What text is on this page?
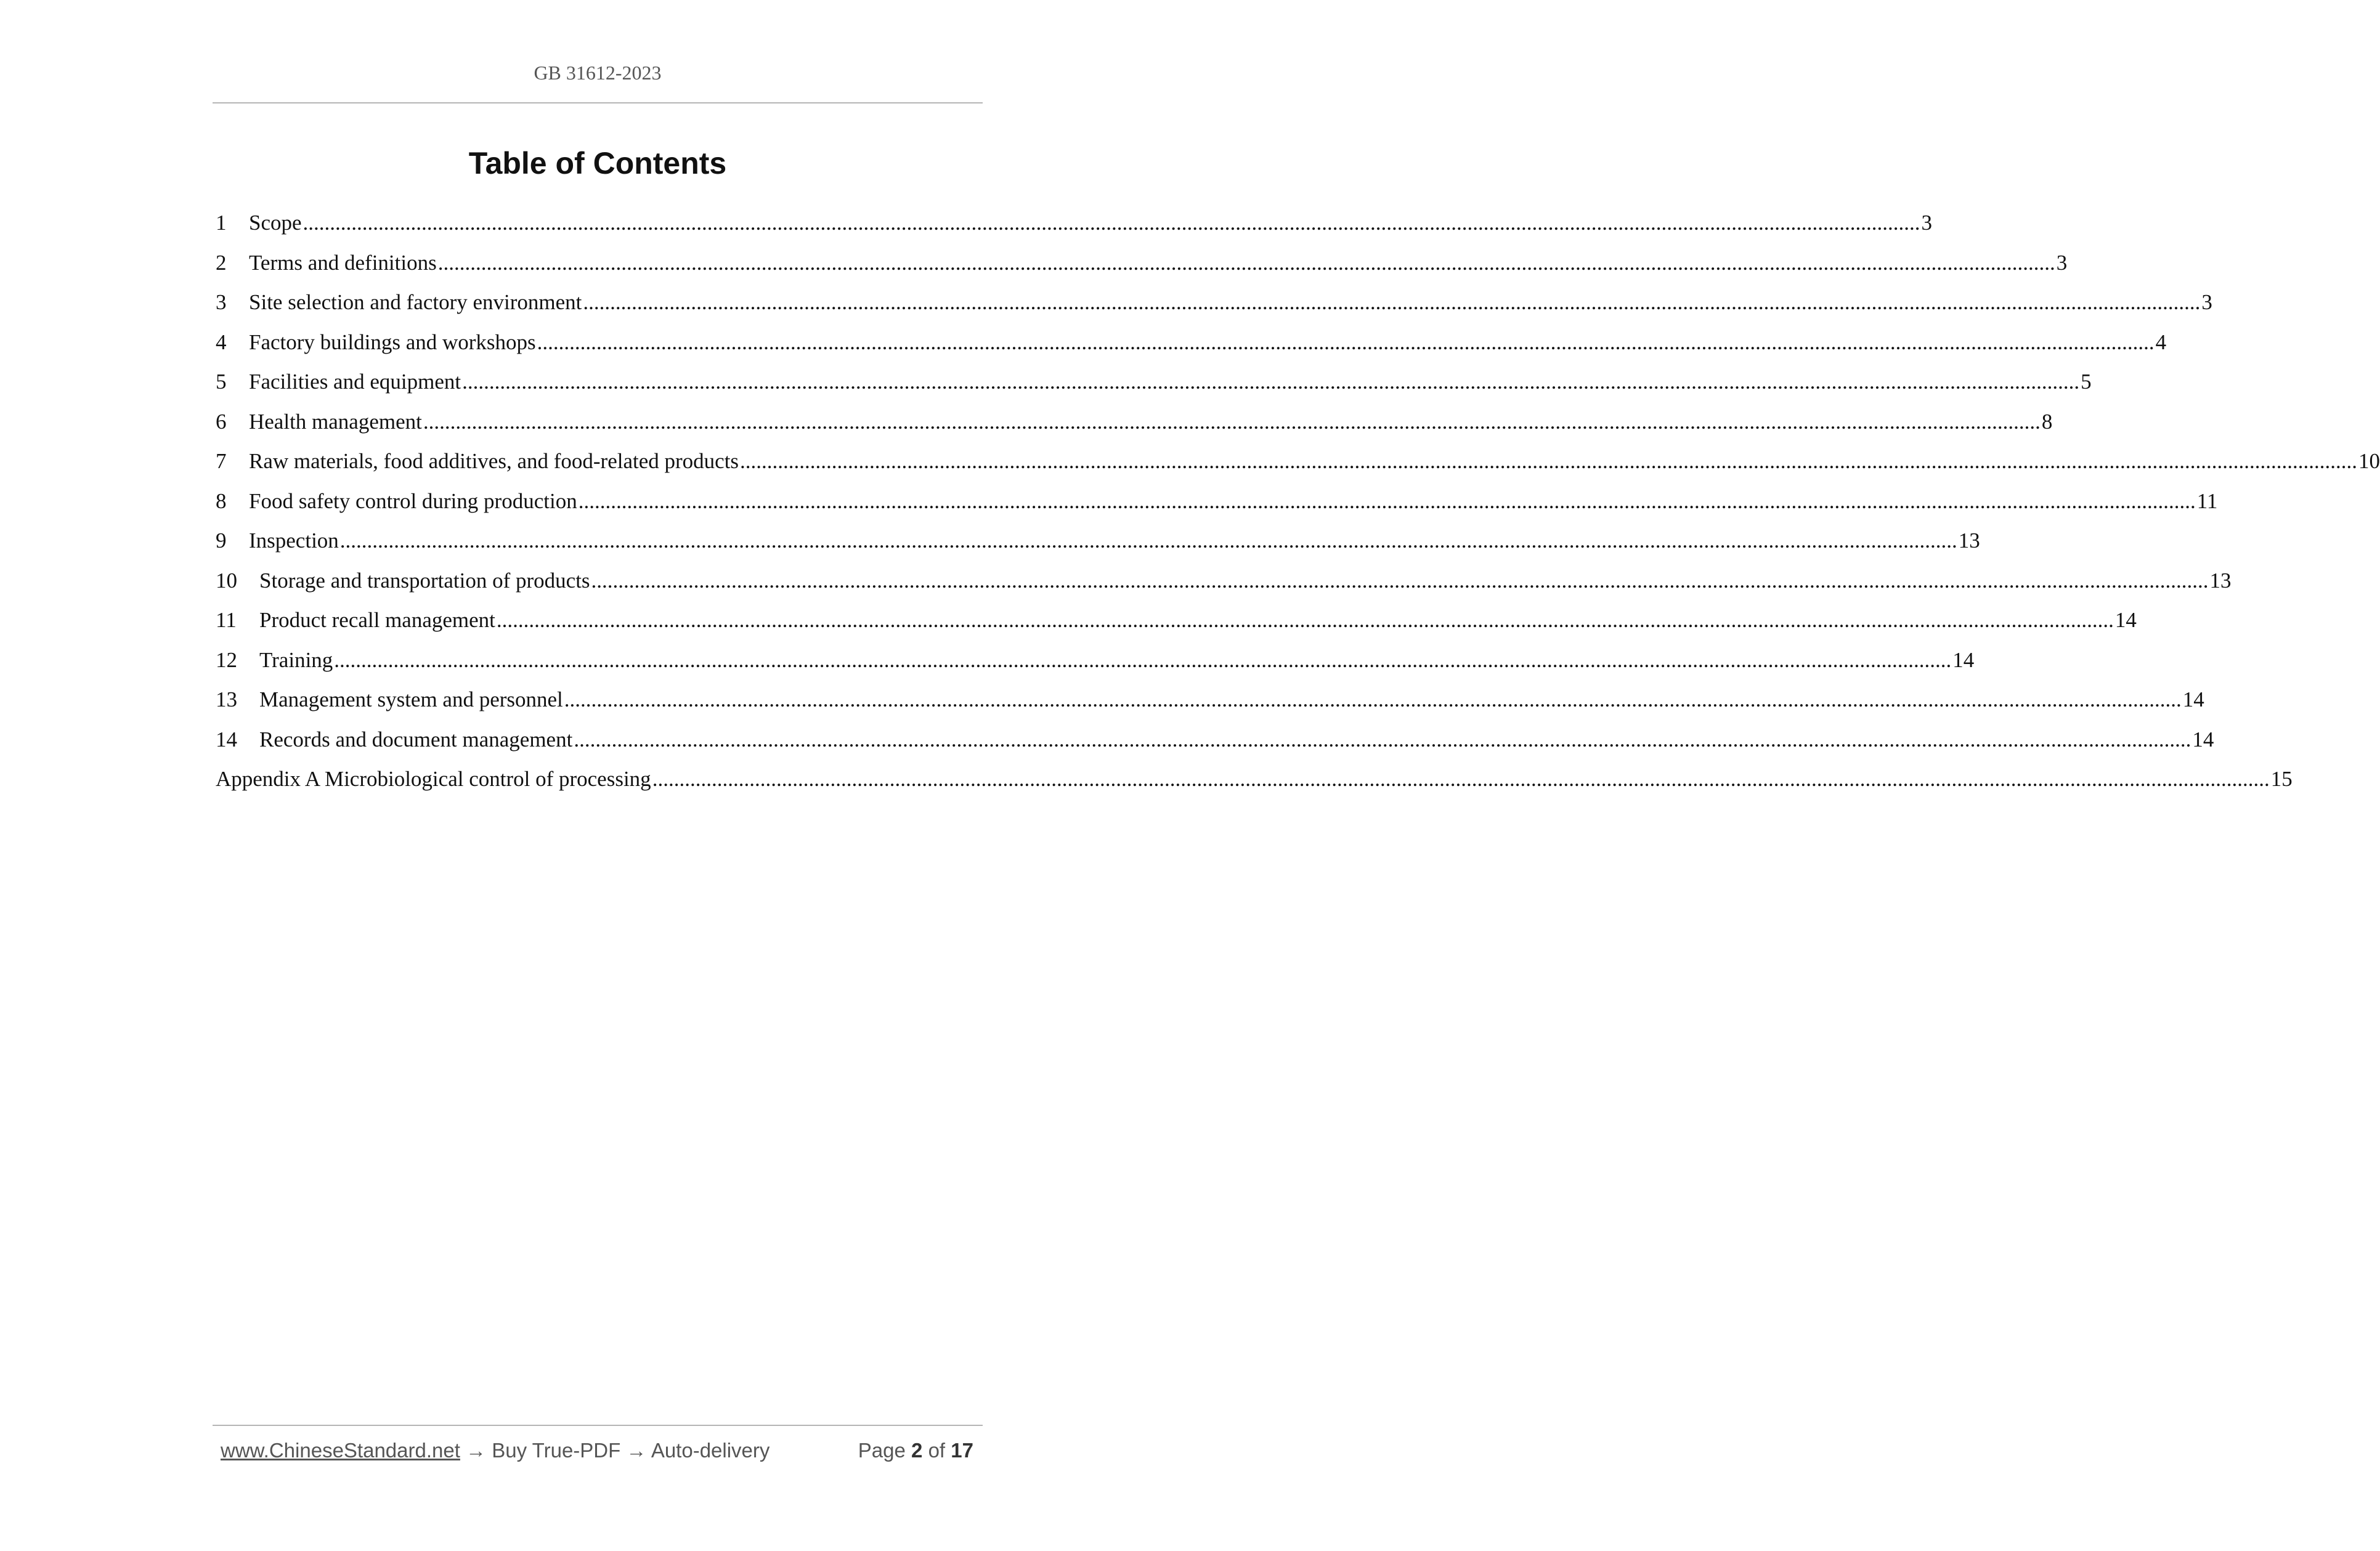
GB 31612-2023
Table of Contents
1	Scope ............................................................................................................................................................................................................................................................................................................ 3
2	Terms and definitions ............................................................................................................................................................................................................................................................................................................ 3
3	Site selection and factory environment ............................................................................................................................................................................................................................................................................................................ 3
4	Factory buildings and workshops ............................................................................................................................................................................................................................................................................................................ 4
5	Facilities and equipment ............................................................................................................................................................................................................................................................................................................ 5
6	Health management ............................................................................................................................................................................................................................................................................................................ 8
7	Raw materials, food additives, and food-related products ............................................................................................................................................................................................................................................................................................................ 10
8	Food safety control during production ............................................................................................................................................................................................................................................................................................................ 11
9	Inspection ............................................................................................................................................................................................................................................................................................................ 13
10	Storage and transportation of products ............................................................................................................................................................................................................................................................................................................ 13
11	Product recall management ............................................................................................................................................................................................................................................................................................................ 14
12	Training ............................................................................................................................................................................................................................................................................................................ 14
13	Management system and personnel ............................................................................................................................................................................................................................................................................................................ 14
14	Records and document management ............................................................................................................................................................................................................................................................................................................ 14
Appendix A Microbiological control of processing ............................................................................................................................................................................................................................................................................................................ 15
www.ChineseStandard.net → Buy True-PDF → Auto-delivery	Page 2 of 17
